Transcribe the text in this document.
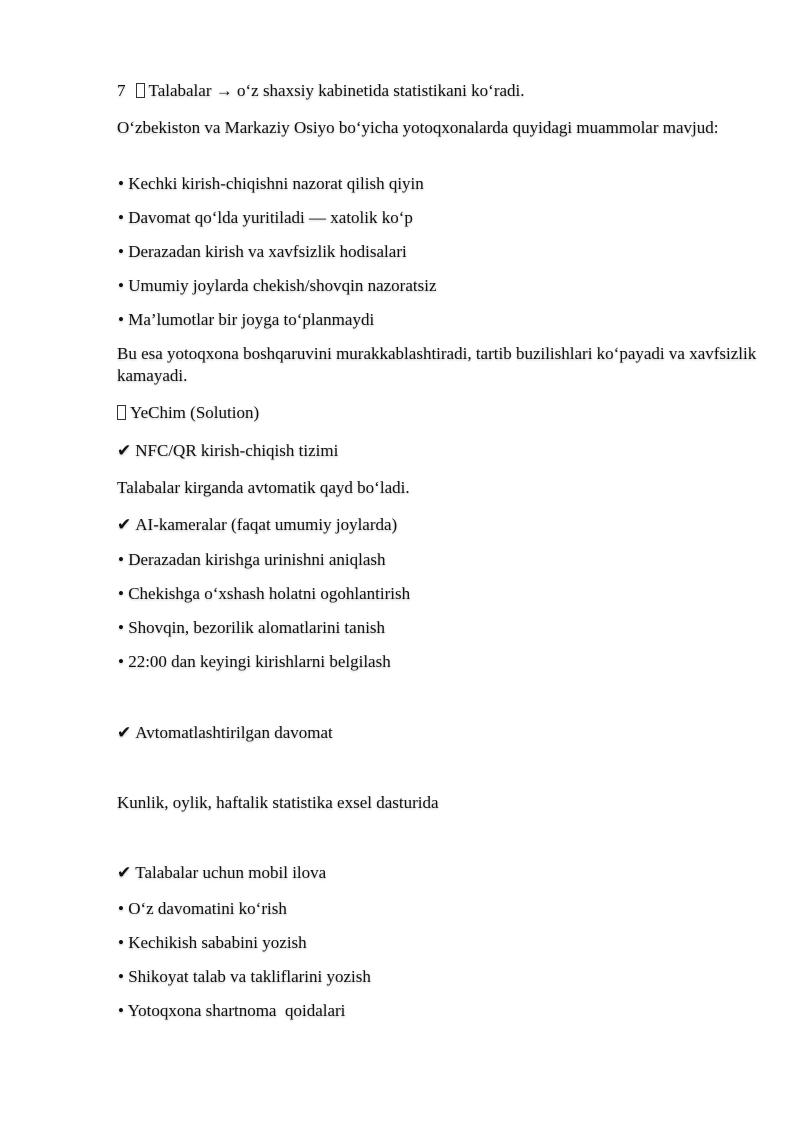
7 Talabalar → o‘z shaxsiy kabinetida statistikani ko‘radi.
O‘zbekiston va Markaziy Osiyo bo‘yicha yotoqxonalarda quyidagi muammolar mavjud:
• Kechki kirish-chiqishni nazorat qilish qiyin
• Davomat qo‘lda yuritiladi — xatolik ko‘p
• Derazadan kirish va xavfsizlik hodisalari
• Umumiy joylarda chekish/shovqin nazoratsiz
• Ma’lumotlar bir joyga to‘planmaydi
Bu esa yotoqxona boshqaruvini murakkablashtiradi, tartib buzilishlari ko‘payadi va xavfsizlik kamayadi.
YeChim (Solution)
✔ NFC/QR kirish-chiqish tizimi
Talabalar kirganda avtomatik qayd bo‘ladi.
✔ AI-kameralar (faqat umumiy joylarda)
• Derazadan kirishga urinishni aniqlash
• Chekishga o‘xshash holatni ogohlantirish
• Shovqin, bezorilik alomatlarini tanish
• 22:00 dan keyingi kirishlarni belgilash
✔ Avtomatlashtirilgan davomat
Kunlik, oylik, haftalik statistika exsel dasturida
✔ Talabalar uchun mobil ilova
• O‘z davomatini ko‘rish
• Kechikish sababini yozish
• Shikoyat talab va takliflarini yozish
• Yotoqxona shartnoma  qoidalari
